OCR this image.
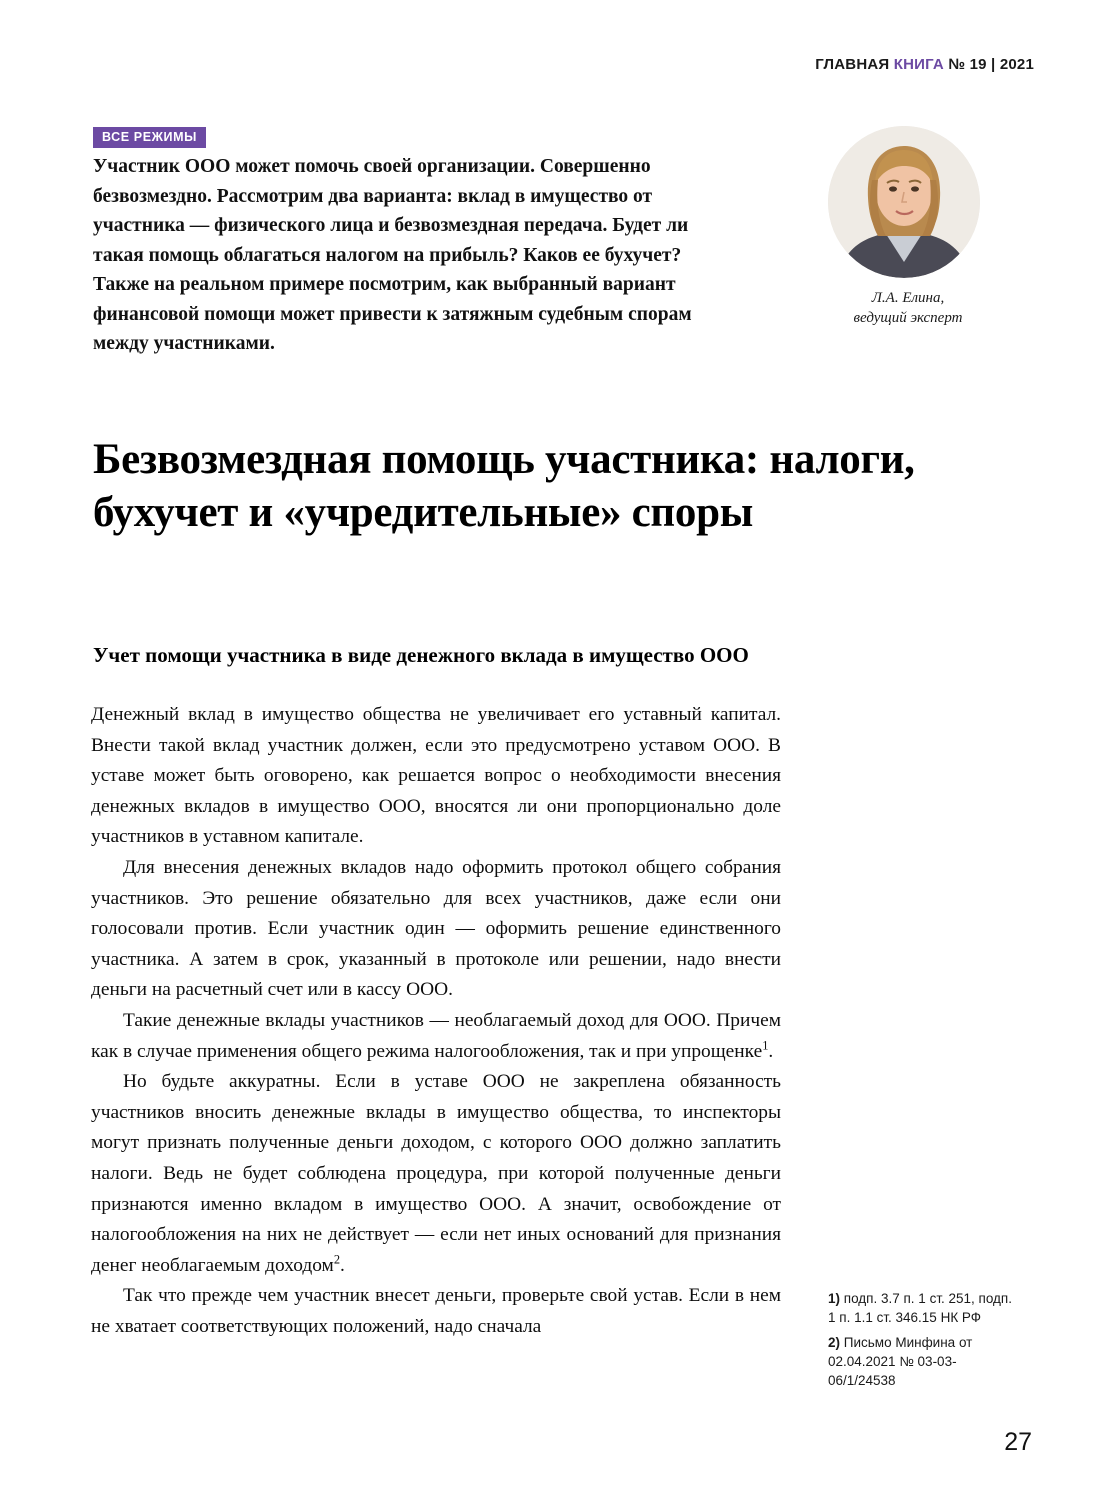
ГЛАВНАЯ КНИГА № 19 | 2021
ВСЕ РЕЖИМЫ
Участник ООО может помочь своей организации. Совершенно безвозмездно. Рассмотрим два варианта: вклад в имущество от участника — физического лица и безвозмездная передача. Будет ли такая помощь облагаться налогом на прибыль? Каков ее бухучет? Также на реальном примере посмотрим, как выбранный вариант финансовой помощи может привести к затяжным судебным спорам между участниками.
Л.А. Елина,
ведущий эксперт
Безвозмездная помощь участника: налоги, бухучет и «учредительные» споры
Учет помощи участника в виде денежного вклада в имущество ООО

Денежный вклад в имущество общества не увеличивает его уставный капитал. Внести такой вклад участник должен, если это предусмотрено уставом ООО. В уставе может быть оговорено, как решается вопрос о необходимости внесения денежных вкладов в имущество ООО, вносятся ли они пропорционально доле участников в уставном капитале.

Для внесения денежных вкладов надо оформить протокол общего собрания участников. Это решение обязательно для всех участников, даже если они голосовали против. Если участник один — оформить решение единственного участника. А затем в срок, указанный в протоколе или решении, надо внести деньги на расчетный счет или в кассу ООО.

Такие денежные вклады участников — необлагаемый доход для ООО. Причем как в случае применения общего режима налогообложения, так и при упрощенке$^1$.

Но будьте аккуратны. Если в уставе ООО не закреплена обязанность участников вносить денежные вклады в имущество общества, то инспекторы могут признать полученные деньги доходом, с которого ООО должно заплатить налоги. Ведь не будет соблюдена процедура, при которой полученные деньги признаются именно вкладом в имущество ООО. А значит, освобождение от налогообложения на них не действует — если нет иных оснований для признания денег необлагаемым доходом$^2$.

Так что прежде чем участник внесет деньги, проверьте свой устав. Если в нем не хватает соответствующих положений, надо сначала

1) подп. 3.7 п. 1 ст. 251, подп. 1 п. 1.1 ст. 346.15 НК РФ
2) Письмо Минфина от 02.04.2021 № 03-03-06/1/24538
27
